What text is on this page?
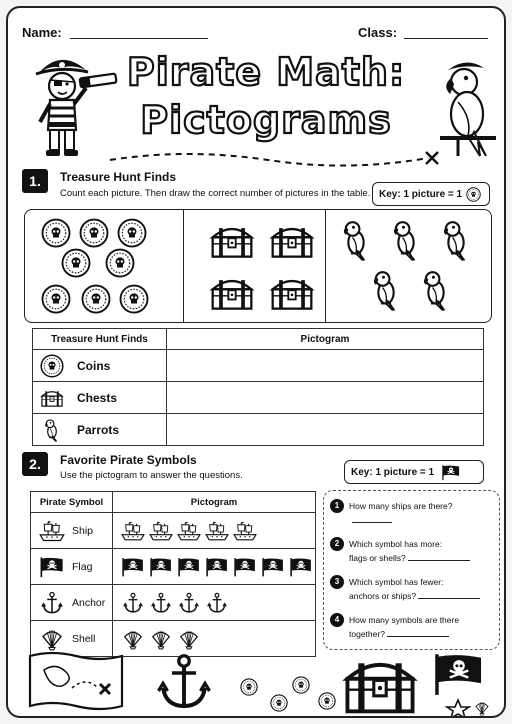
Name:	Class:
Pirate Math:
Pictograms
1.	Treasure Hunt Finds
Count each picture. Then draw the correct number of pictures in the table. Key: 1 picture = 1
Treasure Hunt Finds	Pictogram

Coins	

Chests	

Parrots	

2.	Favorite Pirate Symbols
Use the pictogram to answer the questions.	Key: 1 picture = 1
Pirate Symbol	Pictogram

Ship

Flag

Anchor

Shell

1	How many ships are there?
2	Which symbol has more:
flags or shells?
3	Which symbol has fewer:
anchors or ships?
4	How many symbols are there
together?
